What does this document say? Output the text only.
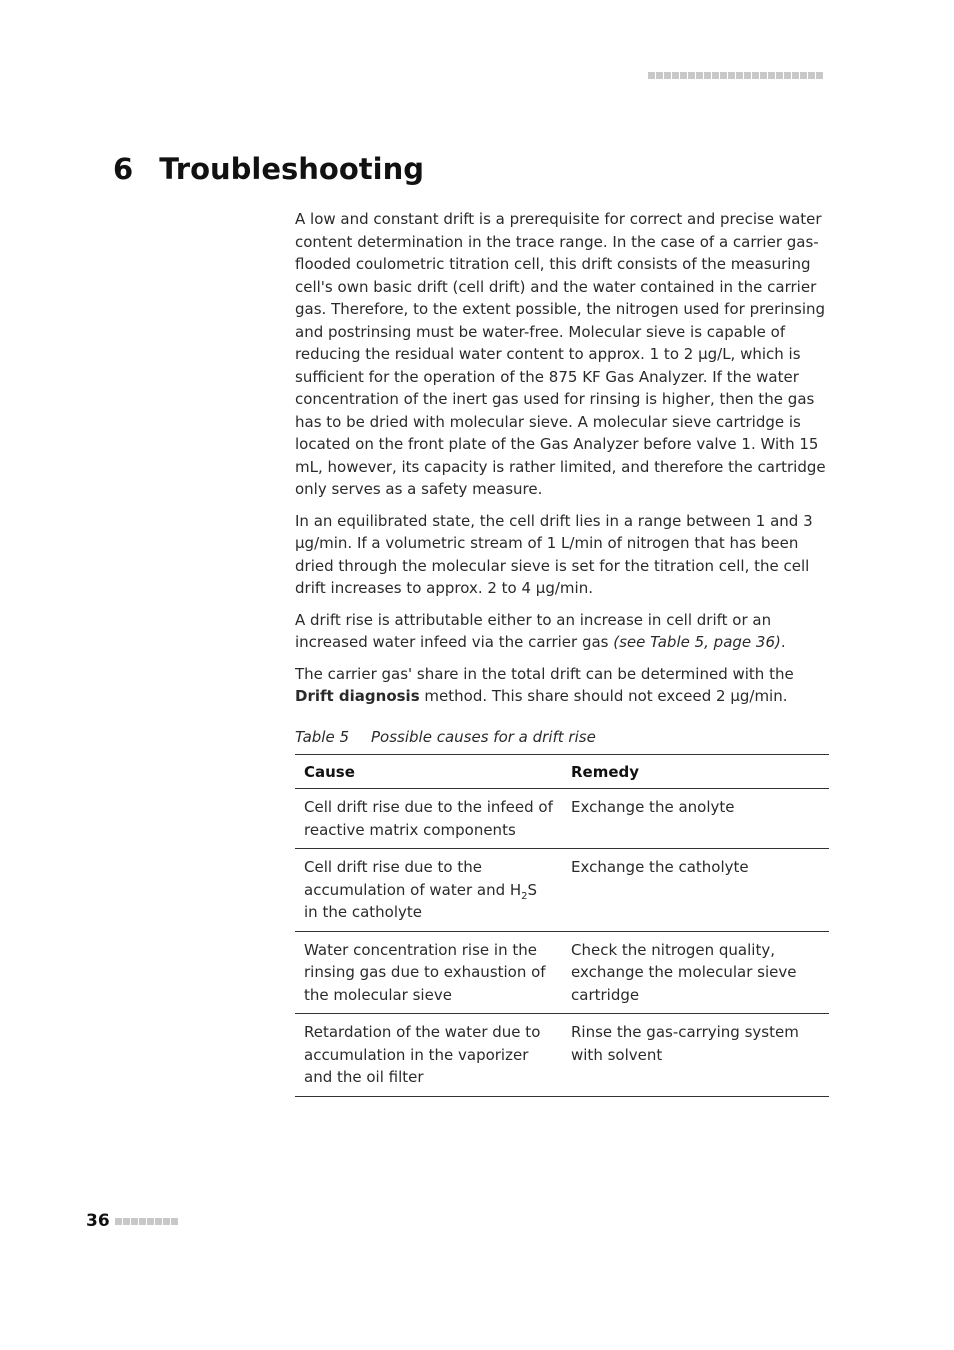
6 Troubleshooting

A low and constant drift is a prerequisite for correct and precise water content determination in the trace range. In the case of a carrier gas-flooded coulometric titration cell, this drift consists of the measuring cell's own basic drift (cell drift) and the water contained in the carrier gas. Therefore, to the extent possible, the nitrogen used for prerinsing and postrinsing must be water-free. Molecular sieve is capable of reducing the residual water content to approx. 1 to 2 µg/L, which is sufficient for the operation of the 875 KF Gas Analyzer. If the water concentration of the inert gas used for rinsing is higher, then the gas has to be dried with molecular sieve. A molecular sieve cartridge is located on the front plate of the Gas Analyzer before valve 1. With 15 mL, however, its capacity is rather limited, and therefore the cartridge only serves as a safety measure.

In an equilibrated state, the cell drift lies in a range between 1 and 3 µg/min. If a volumetric stream of 1 L/min of nitrogen that has been dried through the molecular sieve is set for the titration cell, the cell drift increases to approx. 2 to 4 µg/min.

A drift rise is attributable either to an increase in cell drift or an increased water infeed via the carrier gas (see Table 5, page 36).

The carrier gas' share in the total drift can be determined with the Drift diagnosis method. This share should not exceed 2 µg/min.

Table 5 Possible causes for a drift rise
Cause	Remedy
Cell drift rise due to the infeed of reactive matrix components	Exchange the anolyte
Cell drift rise due to the accumulation of water and $H_2S$ in the catholyte	Exchange the catholyte
Water concentration rise in the rinsing gas due to exhaustion of the molecular sieve	Check the nitrogen quality, exchange the molecular sieve cartridge
Retardation of the water due to accumulation in the vaporizer and the oil filter	Rinse the gas-carrying system with solvent
36
